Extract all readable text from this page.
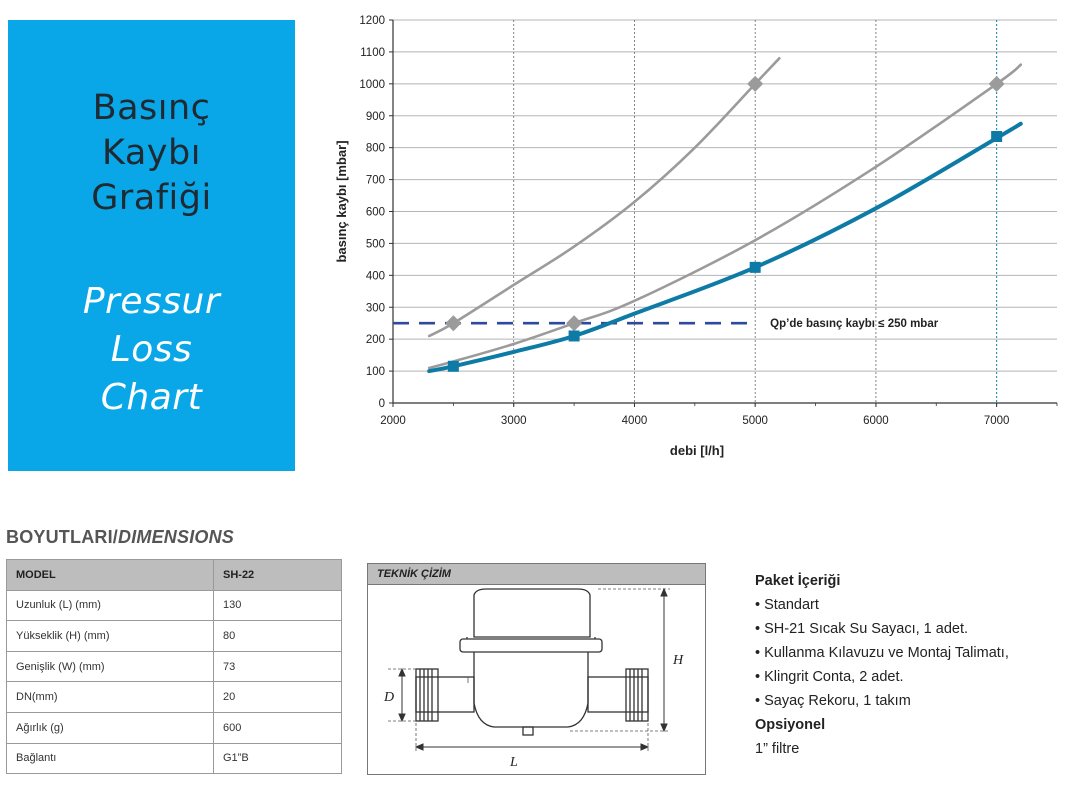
Basınç
Kaybı
Grafiği
Pressur
Loss
Chart	0
100
200
300
400
500
600
700
800
900
1000
1100
1200
2000	3000	4000	5000	6000	7000
Qp’de basınç kaybı ≤ 250 mbar
debi [l/h]
basınç kaybı [mbar]
BOYUTLARI/DIMENSIONS
MODEL	SH-22
Uzunluk (L) (mm)	130
Yükseklik (H) (mm)	80
Genişlik (W) (mm)	73
DN(mm)	20
Ağırlık (g)	600
Bağlantı	G1”B
TEKNİK ÇİZİM
H
D
L
Paket İçeriği
• Standart
• SH-21 Sıcak Su Sayacı, 1 adet.
• Kullanma Kılavuzu ve Montaj Talimatı,
• Klingrit Conta, 2 adet.
• Sayaç Rekoru, 1 takım
Opsiyonel
1” filtre
